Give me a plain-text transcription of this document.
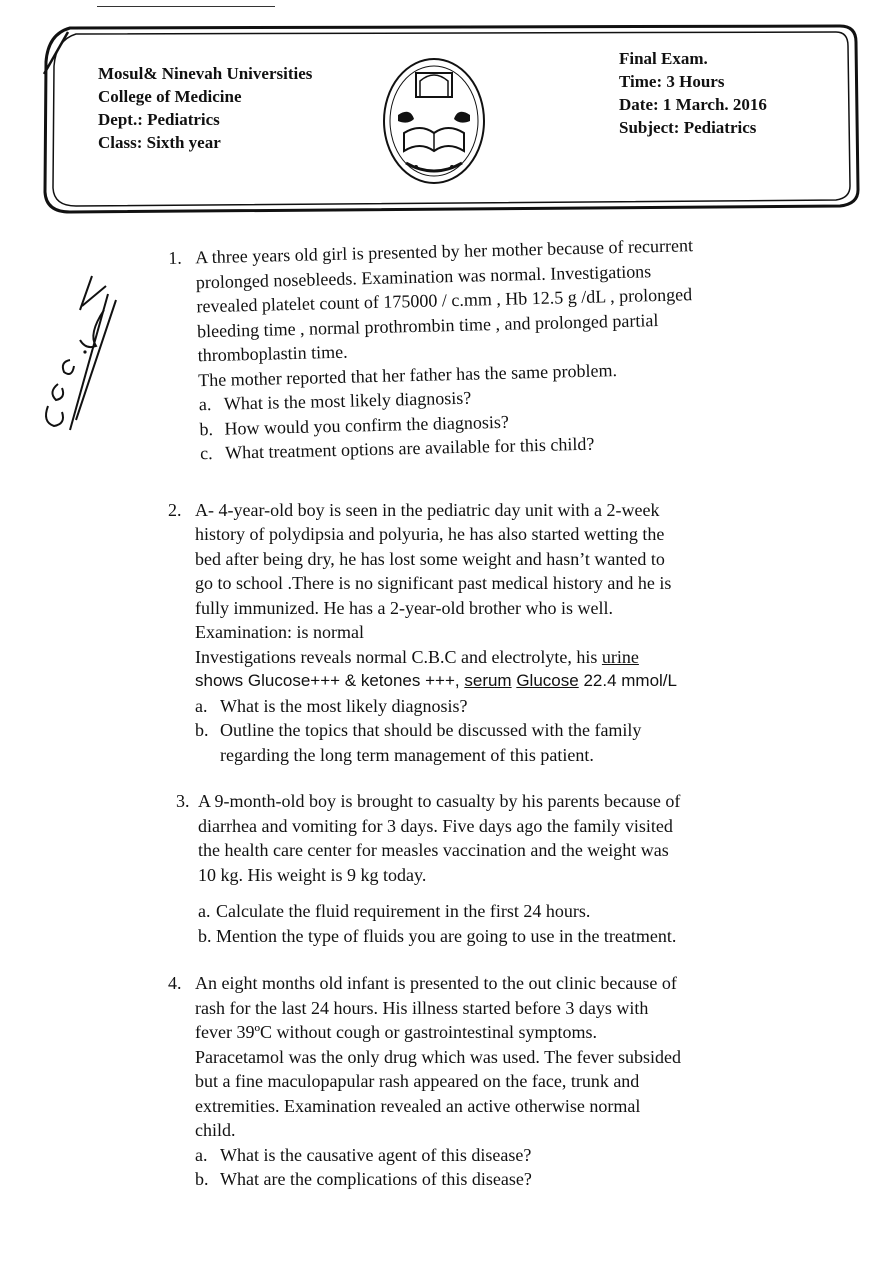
Mosul& Ninevah Universities
College of Medicine
Dept.: Pediatrics
Class: Sixth year
Final Exam.
Time: 3 Hours
Date: 1 March. 2016
Subject: Pediatrics
1. A three years old girl is presented by her mother because of recurrent
prolonged nosebleeds. Examination was normal. Investigations
revealed platelet count of 175000 / c.mm , Hb 12.5 g /dL , prolonged
bleeding time , normal prothrombin time , and prolonged partial
thromboplastin time.
The mother reported that her father has the same problem.
a. What is the most likely diagnosis?
b. How would you confirm the diagnosis?
c. What treatment options are available for this child?
2. A- 4-year-old boy is seen in the pediatric day unit with a 2-week
history of polydipsia and polyuria, he has also started wetting the
bed after being dry, he has lost some weight and hasn’t wanted to
go to school .There is no significant past medical history and he is
fully immunized. He has a 2-year-old brother who is well.
Examination: is normal
Investigations reveals normal C.B.C and electrolyte, his urine
shows Glucose+++ & ketones +++, serum Glucose 22.4 mmol/L
a. What is the most likely diagnosis?
b. Outline the topics that should be discussed with the family
regarding the long term management of this patient.
3. A 9-month-old boy is brought to casualty by his parents because of
diarrhea and vomiting for 3 days. Five days ago the family visited
the health care center for measles vaccination and the weight was
10 kg. His weight is 9 kg today.
a. Calculate the fluid requirement in the first 24 hours.
b. Mention the type of fluids you are going to use in the treatment.
4. An eight months old infant is presented to the out clinic because of
rash for the last 24 hours. His illness started before 3 days with
fever 39ºC without cough or gastrointestinal symptoms.
Paracetamol was the only drug which was used. The fever subsided
but a fine maculopapular rash appeared on the face, trunk and
extremities. Examination revealed an active otherwise normal
child.
a. What is the causative agent of this disease?
b. What are the complications of this disease?
